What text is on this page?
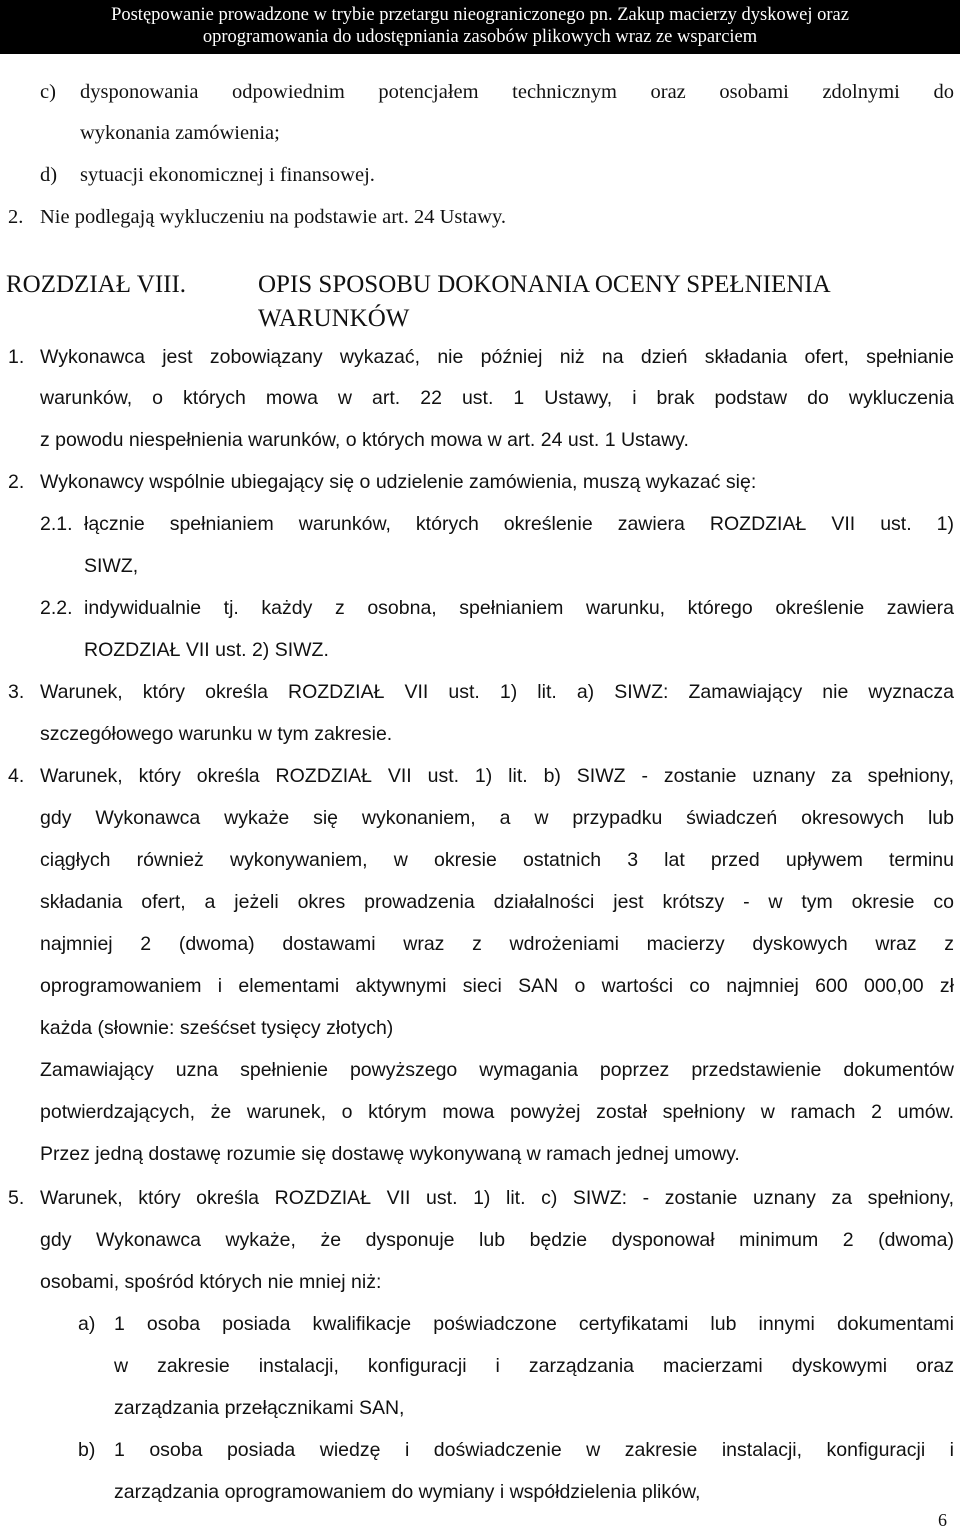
Postępowanie prowadzone w trybie przetargu nieograniczonego pn. Zakup macierzy dyskowej oraz
oprogramowania do udostępniania zasobów plikowych wraz ze wsparciem
c) dysponowania odpowiednim potencjałem technicznym oraz osobami zdolnymi do
wykonania zamówienia;
d) sytuacji ekonomicznej i finansowej.
2. Nie podlegają wykluczeniu na podstawie art. 24 Ustawy.
ROZDZIAŁ VIII.	OPIS SPOSOBU DOKONANIA OCENY SPEŁNIENIA
WARUNKÓW
1. Wykonawca jest zobowiązany wykazać, nie później niż na dzień składania ofert, spełnianie
warunków, o których mowa w art. 22 ust. 1 Ustawy, i brak podstaw do wykluczenia
z powodu niespełnienia warunków, o których mowa w art. 24 ust. 1 Ustawy.
2. Wykonawcy wspólnie ubiegający się o udzielenie zamówienia, muszą wykazać się:
2.1. łącznie spełnianiem warunków, których określenie zawiera ROZDZIAŁ VII ust. 1)
SIWZ,
2.2. indywidualnie tj. każdy z osobna, spełnianiem warunku, którego określenie zawiera
ROZDZIAŁ VII ust. 2) SIWZ.
3. Warunek, który określa ROZDZIAŁ VII ust. 1) lit. a) SIWZ: Zamawiający nie wyznacza
szczegółowego warunku w tym zakresie.
4. Warunek, który określa ROZDZIAŁ VII ust. 1) lit. b) SIWZ - zostanie uznany za spełniony,
gdy Wykonawca wykaże się wykonaniem, a w przypadku świadczeń okresowych lub
ciągłych również wykonywaniem, w okresie ostatnich 3 lat przed upływem terminu
składania ofert, a jeżeli okres prowadzenia działalności jest krótszy - w tym okresie co
najmniej 2 (dwoma) dostawami wraz z wdrożeniami macierzy dyskowych wraz z
oprogramowaniem i elementami aktywnymi sieci SAN o wartości co najmniej 600 000,00 zł
każda (słownie: sześćset tysięcy złotych)
Zamawiający uzna spełnienie powyższego wymagania poprzez przedstawienie dokumentów
potwierdzających, że warunek, o którym mowa powyżej został spełniony w ramach 2 umów.
Przez jedną dostawę rozumie się dostawę wykonywaną w ramach jednej umowy.
5. Warunek, który określa ROZDZIAŁ VII ust. 1) lit. c) SIWZ: - zostanie uznany za spełniony,
gdy Wykonawca wykaże, że dysponuje lub będzie dysponował minimum 2 (dwoma)
osobami, spośród których nie mniej niż:
a) 1 osoba posiada kwalifikacje poświadczone certyfikatami lub innymi dokumentami
w zakresie instalacji, konfiguracji i zarządzania macierzami dyskowymi oraz
zarządzania przełącznikami SAN,
b) 1 osoba posiada wiedzę i doświadczenie w zakresie instalacji, konfiguracji i
zarządzania oprogramowaniem do wymiany i współdzielenia plików,
6
